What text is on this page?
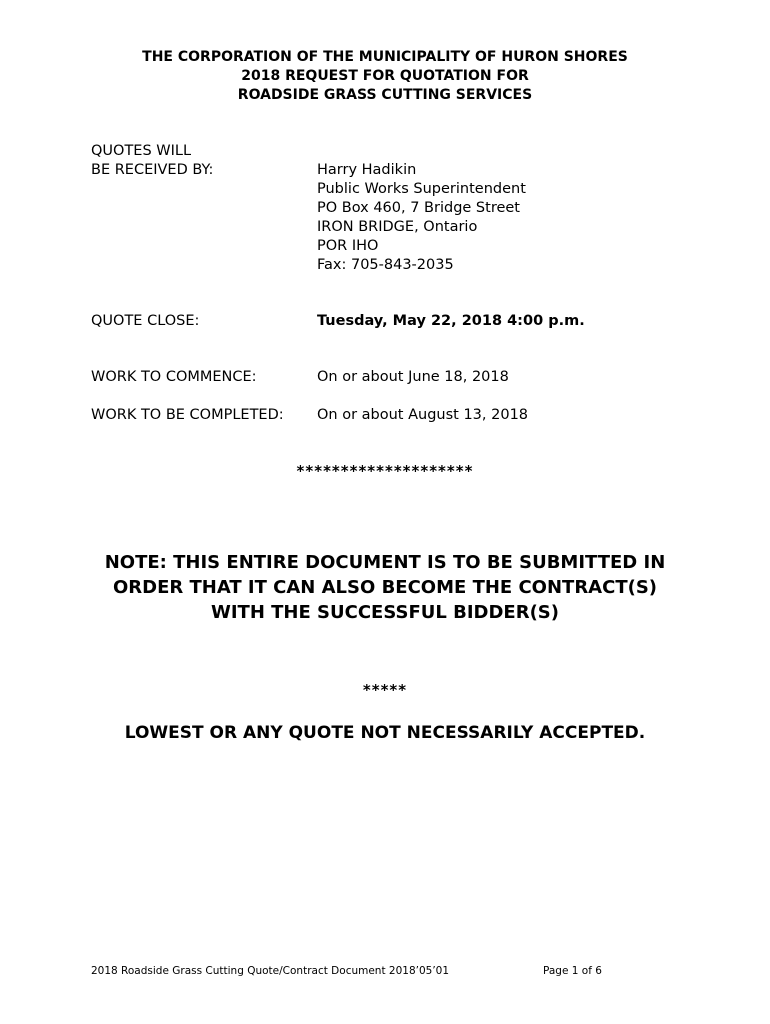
THE CORPORATION OF THE MUNICIPALITY OF HURON SHORES
2018 REQUEST FOR QUOTATION FOR
ROADSIDE GRASS CUTTING SERVICES
QUOTES WILL
BE RECEIVED BY:	Harry Hadikin
Public Works Superintendent
PO Box 460, 7 Bridge Street
IRON BRIDGE, Ontario
POR IHO
Fax: 705-843-2035
QUOTE CLOSE:	Tuesday, May 22, 2018 4:00 p.m.
WORK TO COMMENCE:	On or about June 18, 2018
WORK TO BE COMPLETED: On or about August 13, 2018
********************
NOTE: THIS ENTIRE DOCUMENT IS TO BE SUBMITTED IN
ORDER THAT IT CAN ALSO BECOME THE CONTRACT(S)
WITH THE SUCCESSFUL BIDDER(S)
*****
LOWEST OR ANY QUOTE NOT NECESSARILY ACCEPTED.
2018 Roadside Grass Cutting Quote/Contract Document 2018’05’01	Page 1 of 6
